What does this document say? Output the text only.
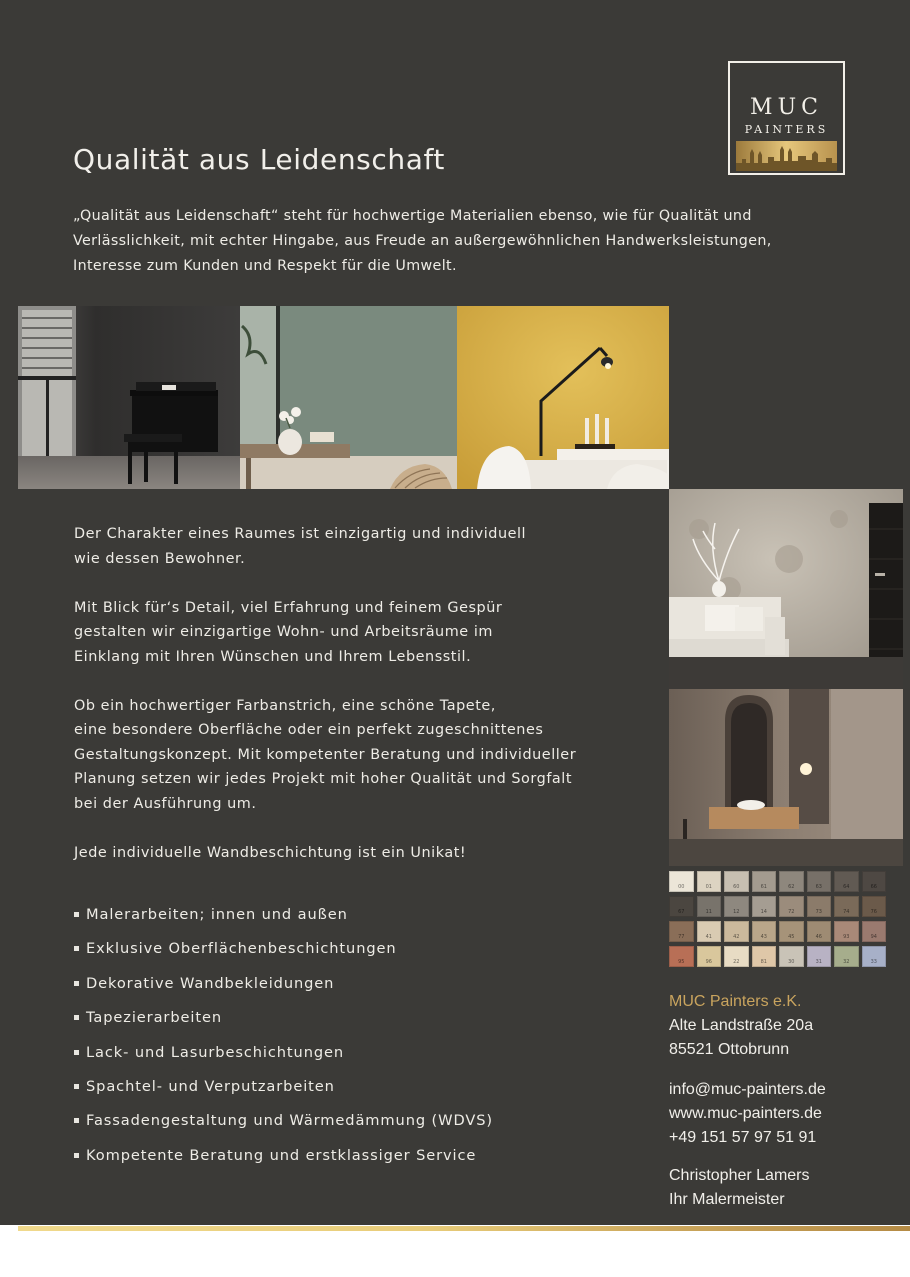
MUC
PAINTERS
Qualität aus Leidenschaft
„Qualität aus Leidenschaft“ steht für hochwertige Materialien ebenso, wie für Qualität und Verlässlichkeit, mit echter Hingabe, aus Freude an außergewöhnlichen Handwerksleistungen, Interesse zum Kunden und Respekt für die Umwelt.

Der Charakter eines Raumes ist einzigartig und individuell
wie dessen Bewohner.

Mit Blick für‘s Detail, viel Erfahrung und feinem Gespür
gestalten wir einzigartige Wohn- und Arbeitsräume im
Einklang mit Ihren Wünschen und Ihrem Lebensstil.

Ob ein hochwertiger Farbanstrich, eine schöne Tapete,
eine besondere Oberfläche oder ein perfekt zugeschnittenes
Gestaltungskonzept. Mit kompetenter Beratung und individueller
Planung setzen wir jedes Projekt mit hoher Qualität und Sorgfalt
bei der Ausführung um.

Jede individuelle Wandbeschichtung ist ein Unikat!

Malerarbeiten; innen und außen
Exklusive Oberflächenbeschichtungen
Dekorative Wandbekleidungen
Tapezierarbeiten
Lack- und Lasurbeschichtungen
Spachtel- und Verputzarbeiten
Fassadengestaltung und Wärmedämmung (WDVS)
Kompetente Beratung und erstklassiger Service
00	01	60	61	62	63	64	66
67	11	12	14	72	73	74	76
77	41	42	43	45	46	93	94
95	96	22	81	30	31	32	33
MUC Painters e.K.
Alte Landstraße 20a
85521 Ottobrunn
info@muc-painters.de
www.muc-painters.de
+49 151 57 97 51 91
Christopher Lamers
Ihr Malermeister
